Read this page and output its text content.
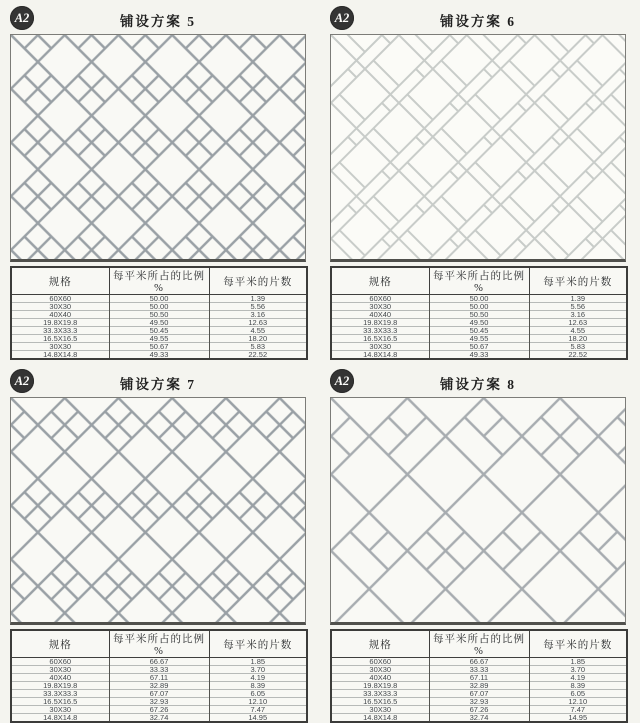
A2	铺设方案 5
规格	每平米所占的比例 %	每平米的片数
60X60	50.00	1.39
30X30	50.00	5.56
40X40	50.50	3.16
19.8X19.8	49.50	12.63
33.3X33.3	50.45	4.55
16.5X16.5	49.55	18.20
30X30	50.67	5.83
14.8X14.8	49.33	22.52
A2	铺设方案 6
规格	每平米所占的比例 %	每平米的片数
60X60	50.00	1.39
30X30	50.00	5.56
40X40	50.50	3.16
19.8X19.8	49.50	12.63
33.3X33.3	50.45	4.55
16.5X16.5	49.55	18.20
30X30	50.67	5.83
14.8X14.8	49.33	22.52
A2	铺设方案 7
规格	每平米所占的比例 %	每平米的片数
60X60	66.67	1.85
30X30	33.33	3.70
40X40	67.11	4.19
19.8X19.8	32.89	8.39
33.3X33.3	67.07	6.05
16.5X16.5	32.93	12.10
30X30	67.26	7.47
14.8X14.8	32.74	14.95
A2	铺设方案 8
规格	每平米所占的比例 %	每平米的片数
60X60	66.67	1.85
30X30	33.33	3.70
40X40	67.11	4.19
19.8X19.8	32.89	8.39
33.3X33.3	67.07	6.05
16.5X16.5	32.93	12.10
30X30	67.26	7.47
14.8X14.8	32.74	14.95
